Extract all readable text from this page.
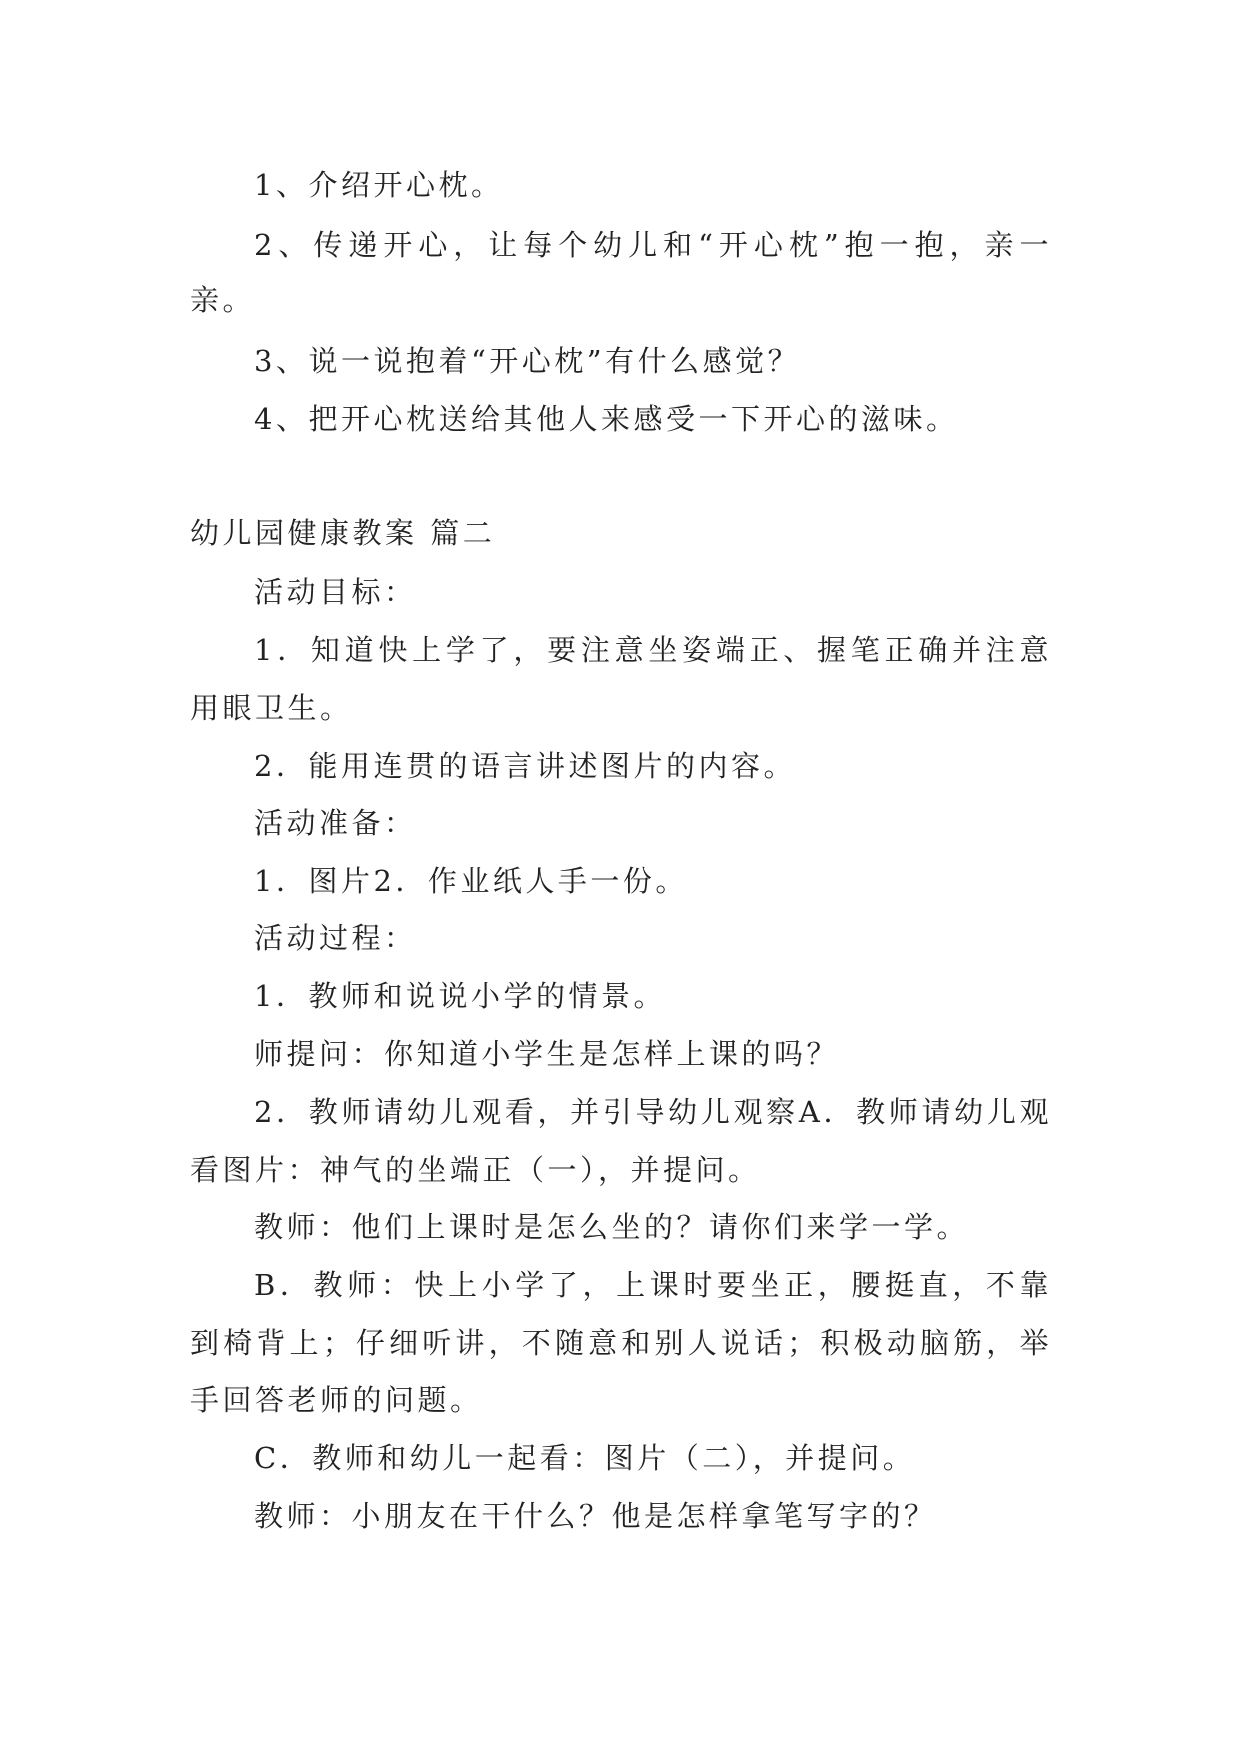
1、介绍开心枕。
2、传递开心，让每个幼儿和“开心枕”抱一抱，亲一
亲。
3、说一说抱着“开心枕”有什么感觉？
4、把开心枕送给其他人来感受一下开心的滋味。
幼儿园健康教案 篇二
活动目标：
1．知道快上学了，要注意坐姿端正、握笔正确并注意
用眼卫生。
2．能用连贯的语言讲述图片的内容。
活动准备：
1．图片2．作业纸人手一份。
活动过程：
1．教师和说说小学的情景。
师提问：你知道小学生是怎样上课的吗？
2．教师请幼儿观看，并引导幼儿观察A．教师请幼儿观
看图片：神气的坐端正（一），并提问。
教师：他们上课时是怎么坐的？请你们来学一学。
B．教师：快上小学了，上课时要坐正，腰挺直，不靠
到椅背上；仔细听讲，不随意和别人说话；积极动脑筋，举
手回答老师的问题。
C．教师和幼儿一起看：图片（二），并提问。
教师：小朋友在干什么？他是怎样拿笔写字的？
